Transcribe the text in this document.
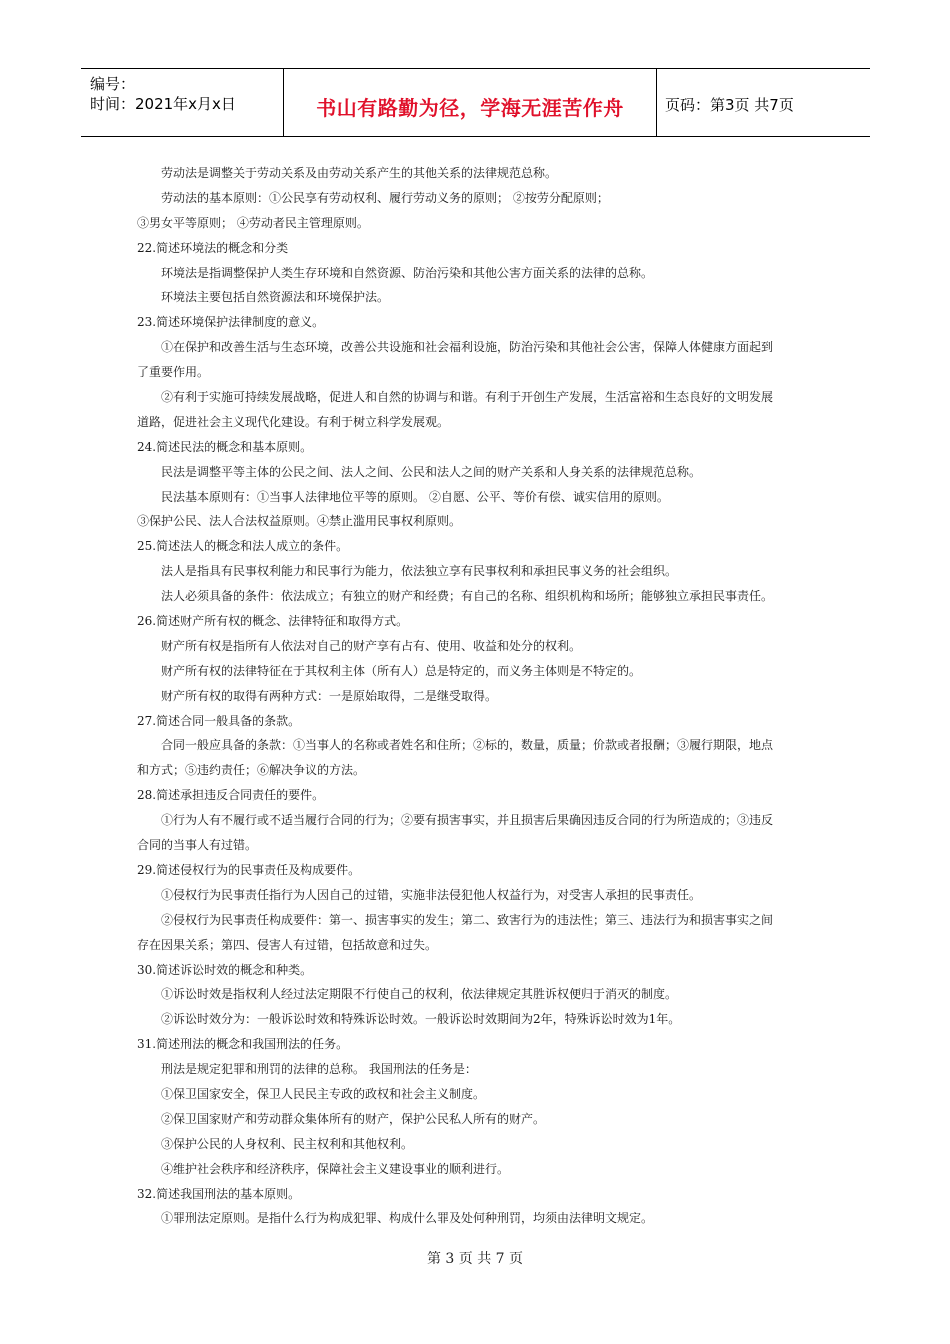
编号：
时间：2021年x月x日	书山有路勤为径，学海无涯苦作舟	页码：第3页 共7页
劳动法是调整关于劳动关系及由劳动关系产生的其他关系的法律规范总称。
劳动法的基本原则：①公民享有劳动权利、履行劳动义务的原则； ②按劳分配原则；
③男女平等原则； ④劳动者民主管理原则。
22.简述环境法的概念和分类
环境法是指调整保护人类生存环境和自然资源、防治污染和其他公害方面关系的法律的总称。
环境法主要包括自然资源法和环境保护法。
23.简述环境保护法律制度的意义。
①在保护和改善生活与生态环境，改善公共设施和社会福利设施，防治污染和其他社会公害，保障人体健康方面起到
了重要作用。
②有利于实施可持续发展战略，促进人和自然的协调与和谐。有利于开创生产发展，生活富裕和生态良好的文明发展
道路，促进社会主义现代化建设。有利于树立科学发展观。
24.简述民法的概念和基本原则。
民法是调整平等主体的公民之间、法人之间、公民和法人之间的财产关系和人身关系的法律规范总称。
民法基本原则有：①当事人法律地位平等的原则。 ②自愿、公平、等价有偿、诚实信用的原则。
③保护公民、法人合法权益原则。④禁止滥用民事权利原则。
25.简述法人的概念和法人成立的条件。
法人是指具有民事权利能力和民事行为能力，依法独立享有民事权利和承担民事义务的社会组织。
法人必须具备的条件：依法成立；有独立的财产和经费；有自己的名称、组织机构和场所；能够独立承担民事责任。
26.简述财产所有权的概念、法律特征和取得方式。
财产所有权是指所有人依法对自己的财产享有占有、使用、收益和处分的权利。
财产所有权的法律特征在于其权利主体（所有人）总是特定的，而义务主体则是不特定的。
财产所有权的取得有两种方式：一是原始取得，二是继受取得。
27.简述合同一般具备的条款。
合同一般应具备的条款：①当事人的名称或者姓名和住所；②标的，数量，质量；价款或者报酬；③履行期限，地点
和方式；⑤违约责任；⑥解决争议的方法。
28.简述承担违反合同责任的要件。
①行为人有不履行或不适当履行合同的行为；②要有损害事实，并且损害后果确因违反合同的行为所造成的；③违反
合同的当事人有过错。
29.简述侵权行为的民事责任及构成要件。
①侵权行为民事责任指行为人因自己的过错，实施非法侵犯他人权益行为，对受害人承担的民事责任。
②侵权行为民事责任构成要件：第一、损害事实的发生；第二、致害行为的违法性；第三、违法行为和损害事实之间
存在因果关系；第四、侵害人有过错，包括故意和过失。
30.简述诉讼时效的概念和种类。
①诉讼时效是指权利人经过法定期限不行使自己的权利，依法律规定其胜诉权便归于消灭的制度。
②诉讼时效分为：一般诉讼时效和特殊诉讼时效。一般诉讼时效期间为2年，特殊诉讼时效为1年。
31.简述刑法的概念和我国刑法的任务。
刑法是规定犯罪和刑罚的法律的总称。 我国刑法的任务是：
①保卫国家安全，保卫人民民主专政的政权和社会主义制度。
②保卫国家财产和劳动群众集体所有的财产，保护公民私人所有的财产。
③保护公民的人身权利、民主权利和其他权利。
④维护社会秩序和经济秩序，保障社会主义建设事业的顺利进行。
32.简述我国刑法的基本原则。
①罪刑法定原则。是指什么行为构成犯罪、构成什么罪及处何种刑罚，均须由法律明文规定。
第 3 页 共 7 页
